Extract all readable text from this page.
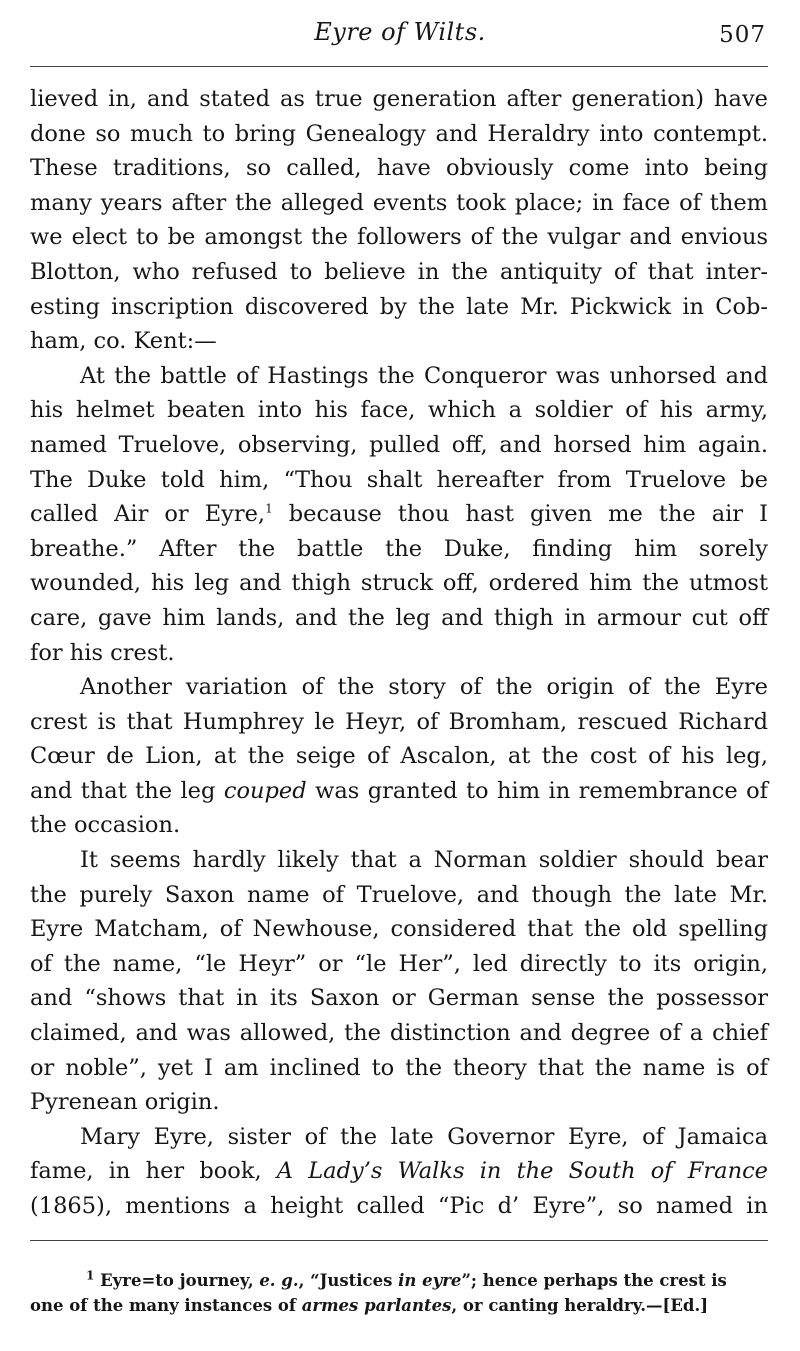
Eyre of Wilts.	507
lieved in, and stated as true generation after generation) have
done so much to bring Genealogy and Heraldry into contempt.
These traditions, so called, have obviously come into being
many years after the alleged events took place; in face of them
we elect to be amongst the followers of the vulgar and envious
Blotton, who refused to believe in the antiquity of that inter-
esting inscription discovered by the late Mr. Pickwick in Cob-
ham, co. Kent:—
At the battle of Hastings the Conqueror was unhorsed and
his helmet beaten into his face, which a soldier of his army,
named Truelove, observing, pulled off, and horsed him again.
The Duke told him, “Thou shalt hereafter from Truelove be
called Air or Eyre,$^1$ because thou hast given me the air I
breathe.” After the battle the Duke, finding him sorely
wounded, his leg and thigh struck off, ordered him the utmost
care, gave him lands, and the leg and thigh in armour cut off
for his crest.
Another variation of the story of the origin of the Eyre
crest is that Humphrey le Heyr, of Bromham, rescued Richard
Cœur de Lion, at the seige of Ascalon, at the cost of his leg,
and that the leg couped was granted to him in remembrance of
the occasion.
It seems hardly likely that a Norman soldier should bear
the purely Saxon name of Truelove, and though the late Mr.
Eyre Matcham, of Newhouse, considered that the old spelling
of the name, “le Heyr” or “le Her”, led directly to its origin,
and “shows that in its Saxon or German sense the possessor
claimed, and was allowed, the distinction and degree of a chief
or noble”, yet I am inclined to the theory that the name is of
Pyrenean origin.
Mary Eyre, sister of the late Governor Eyre, of Jamaica
fame, in her book, A Lady’s Walks in the South of France
(1865), mentions a height called “Pic d’ Eyre”, so named in
$^1$ Eyre=to journey, e. g., “Justices in eyre”; hence perhaps the crest is
one of the many instances of armes parlantes, or canting heraldry.—[Ed.]
